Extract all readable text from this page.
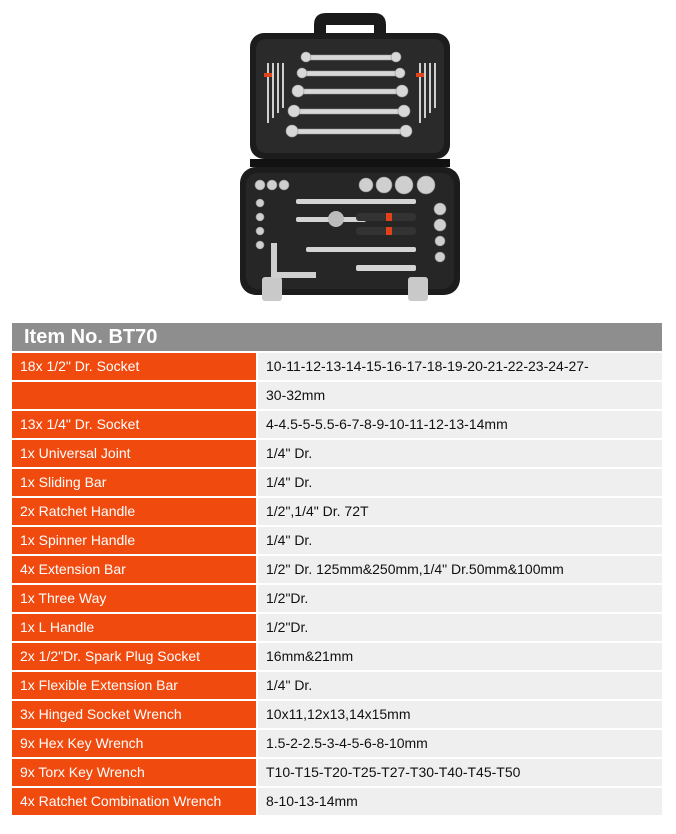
Item No. BT70
18x 1/2" Dr. Socket	10-11-12-13-14-15-16-17-18-19-20-21-22-23-24-27-
30-32mm
13x 1/4" Dr. Socket	4-4.5-5-5.5-6-7-8-9-10-11-12-13-14mm
1x Universal Joint	1/4" Dr.
1x Sliding Bar	1/4" Dr.
2x Ratchet Handle	1/2",1/4" Dr. 72T
1x Spinner Handle	1/4" Dr.
4x Extension Bar	1/2" Dr. 125mm&250mm,1/4" Dr.50mm&100mm
1x Three Way	1/2"Dr.
1x L Handle	1/2"Dr.
2x 1/2"Dr. Spark Plug Socket	16mm&21mm
1x Flexible Extension Bar	1/4" Dr.
3x Hinged Socket Wrench	10x11,12x13,14x15mm
9x Hex Key Wrench	1.5-2-2.5-3-4-5-6-8-10mm
9x Torx Key Wrench	T10-T15-T20-T25-T27-T30-T40-T45-T50
4x Ratchet Combination Wrench	8-10-13-14mm
